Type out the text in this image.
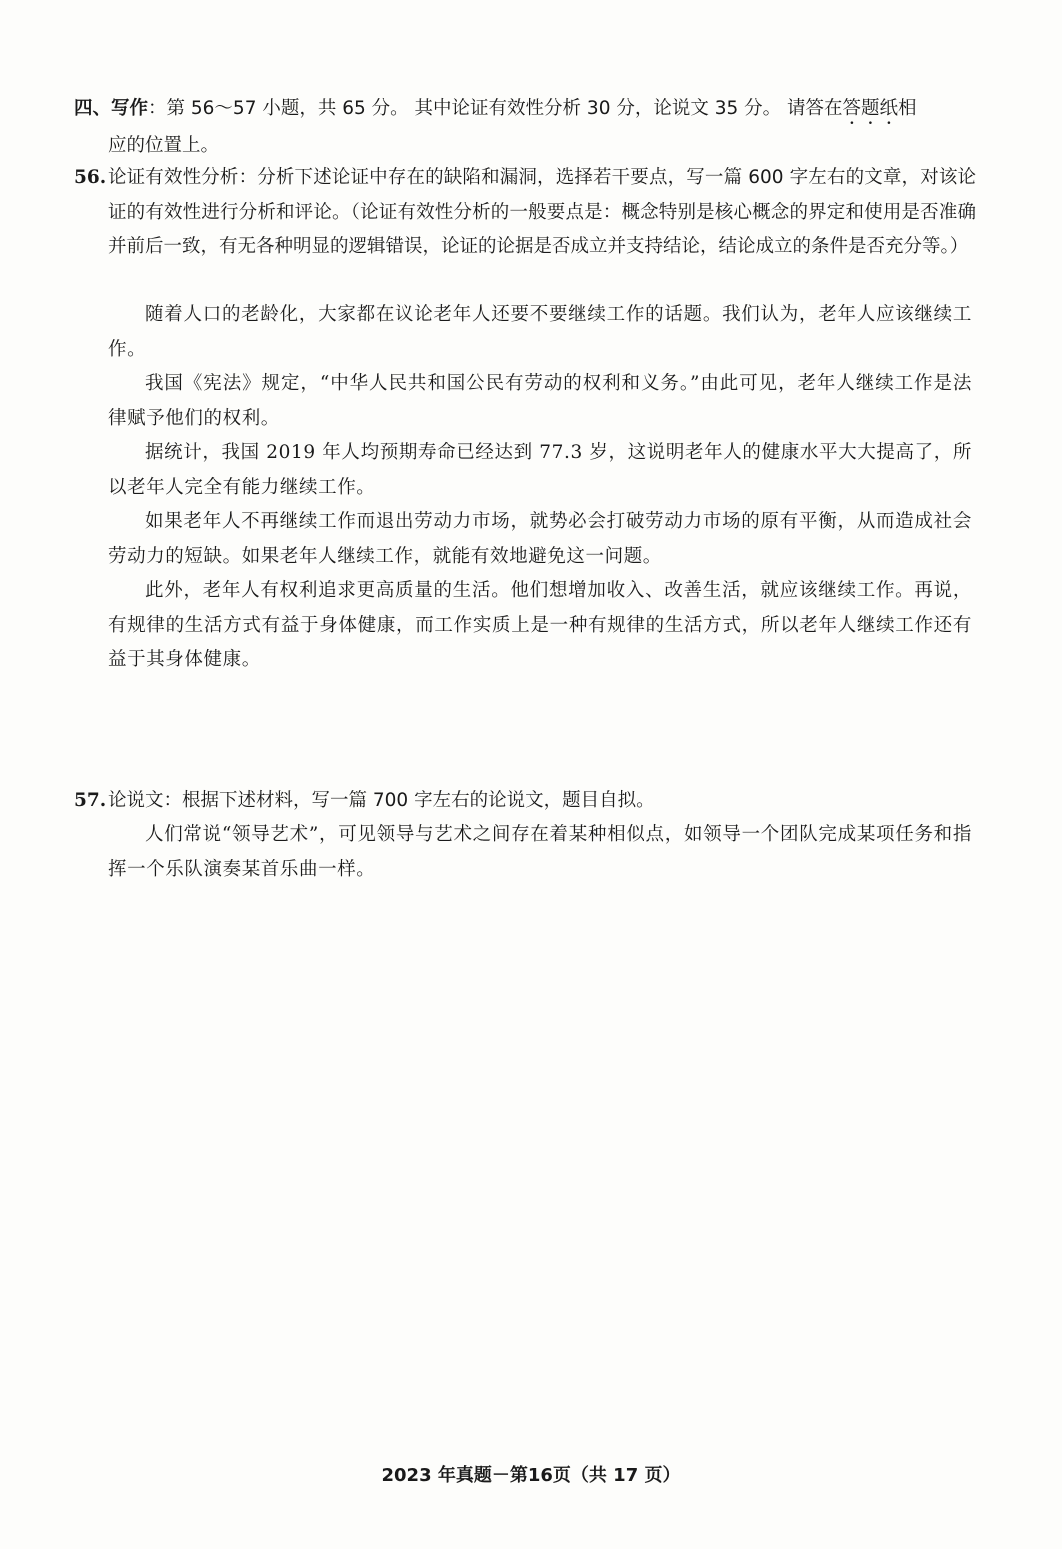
四、写作：第 56～57 小题，共 65 分。 其中论证有效性分析 30 分，论说文 35 分。 请答在答题纸相
应的位置上。
56. 论证有效性分析：分析下述论证中存在的缺陷和漏洞，选择若干要点，写一篇 600 字左右的文章，对该论证的有效性进行分析和评论。（论证有效性分析的一般要点是：概念特别是核心概念的界定和使用是否准确并前后一致，有无各种明显的逻辑错误，论证的论据是否成立并支持结论，结论成立的条件是否充分等。）

随着人口的老龄化，大家都在议论老年人还要不要继续工作的话题。我们认为，老年人应该继续工作。

我国《宪法》规定，“中华人民共和国公民有劳动的权利和义务。”由此可见，老年人继续工作是法律赋予他们的权利。

据统计，我国 2019 年人均预期寿命已经达到 77.3 岁，这说明老年人的健康水平大大提高了，所以老年人完全有能力继续工作。

如果老年人不再继续工作而退出劳动力市场，就势必会打破劳动力市场的原有平衡，从而造成社会劳动力的短缺。如果老年人继续工作，就能有效地避免这一问题。

此外，老年人有权利追求更高质量的生活。他们想增加收入、改善生活，就应该继续工作。再说，有规律的生活方式有益于身体健康，而工作实质上是一种有规律的生活方式，所以老年人继续工作还有益于其身体健康。

57. 论说文：根据下述材料，写一篇 700 字左右的论说文，题目自拟。

人们常说“领导艺术”，可见领导与艺术之间存在着某种相似点，如领导一个团队完成某项任务和指挥一个乐队演奏某首乐曲一样。

2023 年真题－第16页（共 17 页）
